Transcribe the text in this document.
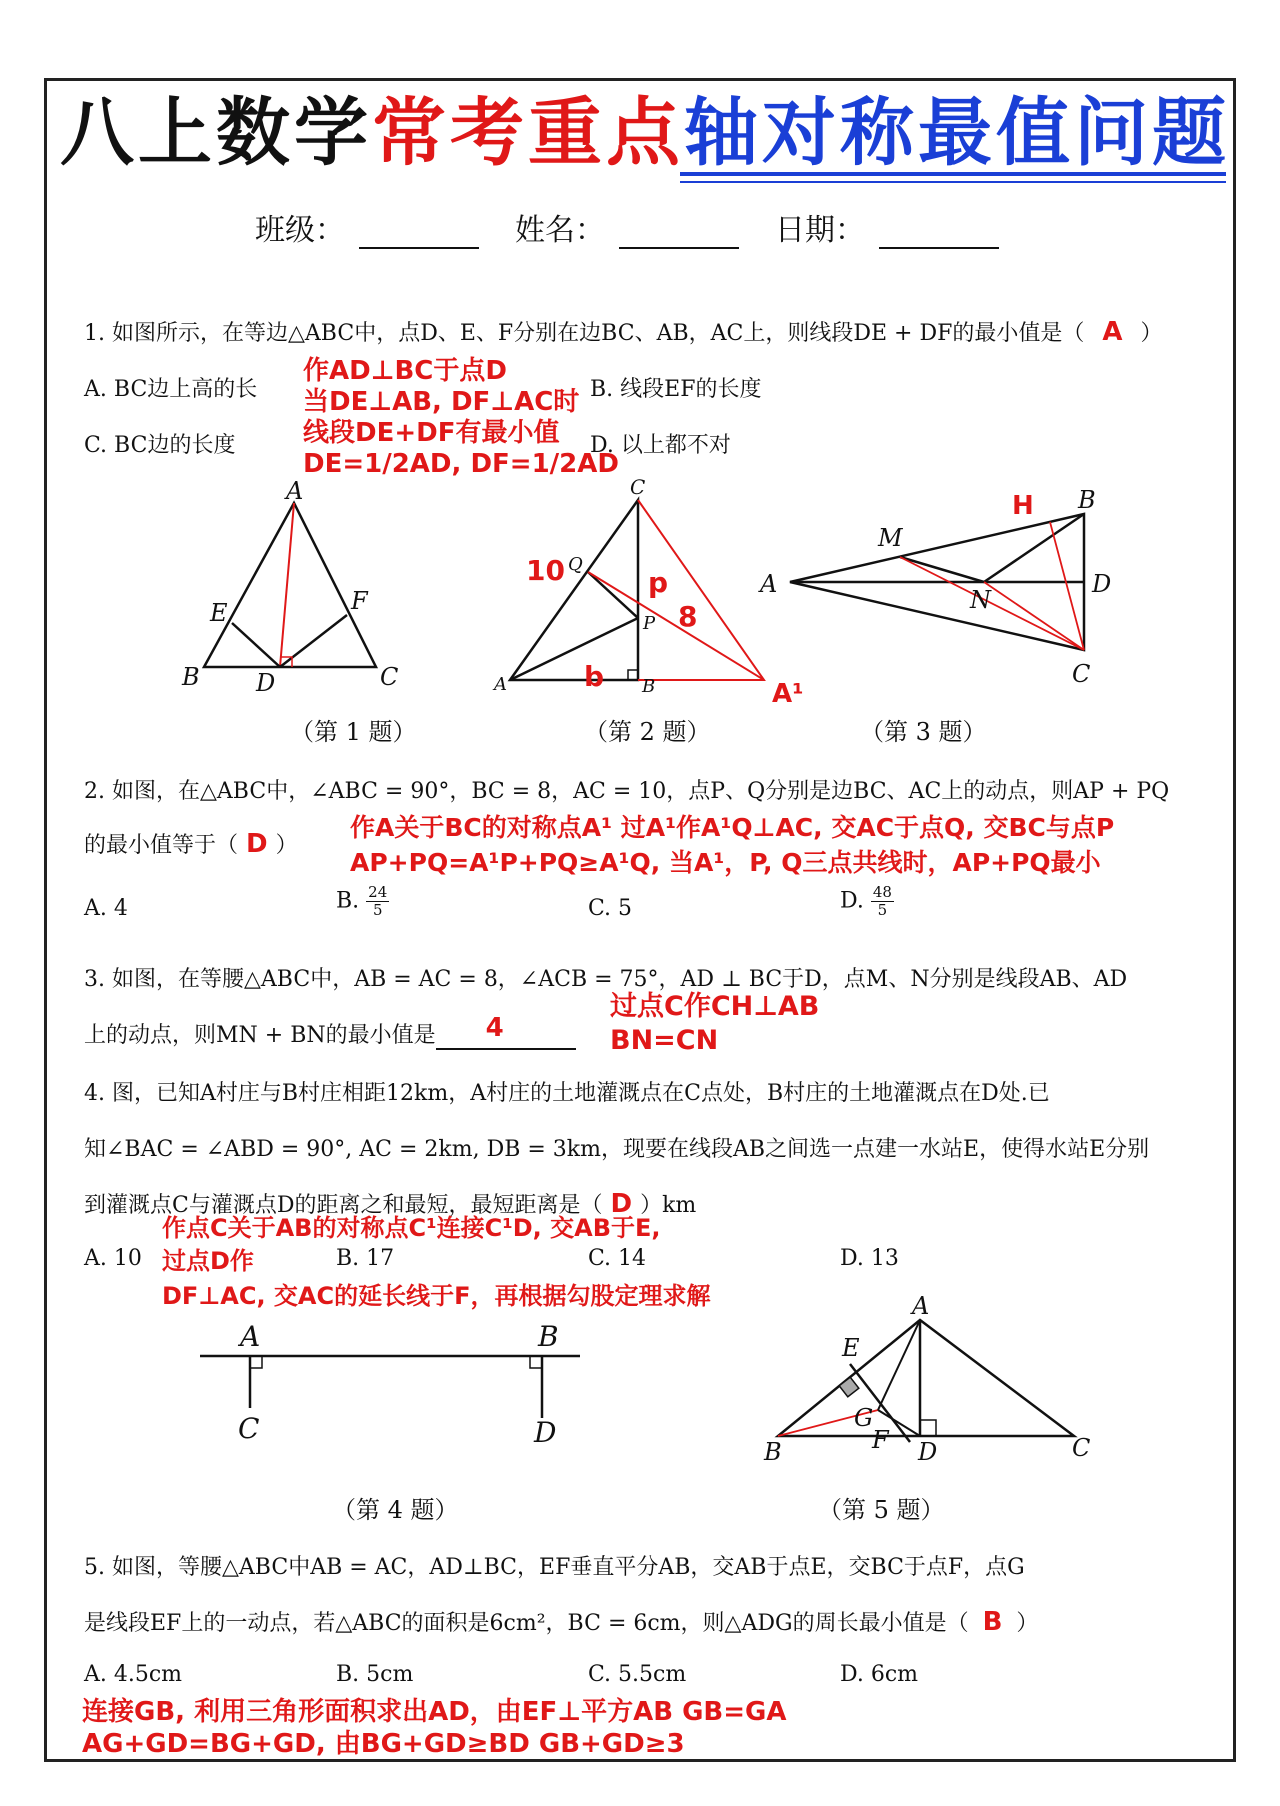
八上数学常考重点轴对称最值问题
班级：	姓名：	日期：
1. 如图所示，在等边△ABC中，点D、E、F分别在边BC、AB，AC上，则线段DE + DF的最小值是（ A ）
A. BC边上高的长	B. 线段EF的长度
C. BC边的长度	D. 以上都不对
作AD⊥BC于点D
当DE⊥AB, DF⊥AC时
线段DE+DF有最小值
DE=1/2AD, DF=1/2AD
A
B	C
D
E	F
A	B
C
P
Q
A¹
10
8
p
b
A
B
C
D
M
N
H
（第 1 题）	（第 2 题）	（第 3 题）
2. 如图，在△ABC中，∠ABC = 90°，BC = 8，AC = 10，点P、Q分别是边BC、AC上的动点，则AP + PQ
的最小值等于（ D ）
作A关于BC的对称点A¹ 过A¹作A¹Q⊥AC, 交AC于点Q, 交BC与点P
AP+PQ=A¹P+PQ≥A¹Q, 当A¹，P, Q三点共线时，AP+PQ最小
A. 4	B. $\frac{24}{5}$	C. 5	D. $\frac{48}{5}$
3. 如图，在等腰△ABC中，AB = AC = 8，∠ACB = 75°，AD ⊥ BC于D，点M、N分别是线段AB、AD
上的动点，则MN + BN的最小值是 4
过点C作CH⊥AB
BN=CN
4. 图，已知A村庄与B村庄相距12km，A村庄的土地灌溉点在C点处，B村庄的土地灌溉点在D处.已
知∠BAC = ∠ABD = 90°, AC = 2km, DB = 3km，现要在线段AB之间选一点建一水站E，使得水站E分别
到灌溉点C与灌溉点D的距离之和最短，最短距离是（ D ）km
A. 10	B. 17	C. 14	D. 13
作点C关于AB的对称点C¹连接C¹D, 交AB于E,
过点D作
DF⊥AC, 交AC的延长线于F，再根据勾股定理求解
A	B
C	D
A
B	C
D
E
F
G
（第 4 题）	（第 5 题）
5. 如图，等腰△ABC中AB = AC，AD⊥BC，EF垂直平分AB，交AB于点E，交BC于点F，点G
是线段EF上的一动点，若△ABC的面积是6cm²，BC = 6cm，则△ADG的周长最小值是（ B ）
A. 4.5cm	B. 5cm	C. 5.5cm	D. 6cm
连接GB, 利用三角形面积求出AD，由EF⊥平方AB GB=GA
AG+GD=BG+GD, 由BG+GD≥BD GB+GD≥3
